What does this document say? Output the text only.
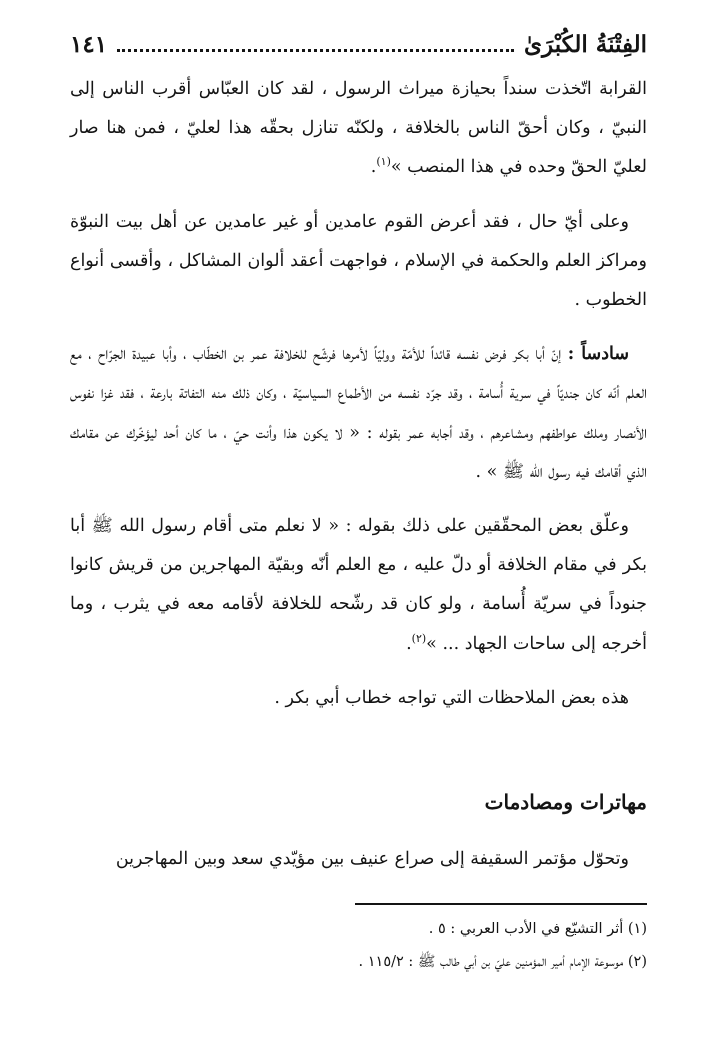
الفِتْنَةُ الكُبْرَىٰ
١٤١

القرابة اتّخذت سنداً بحيازة ميراث الرسول ، لقد كان العبّاس أقرب الناس إلى النبيّ ، وكان أحقّ الناس بالخلافة ، ولكنّه تنازل بحقّه هذا لعليّ ، فمن هنا صار لعليّ الحقّ وحده في هذا المنصب »$^{(١)}$.

وعلى أيّ حال ، فقد أعرض القوم عامدين أو غير عامدين عن أهل بيت النبوّة ومراكز العلم والحكمة في الإسلام ، فواجهت أعقد ألوان المشاكل ، وأقسى أنواع الخطوب .

سادساً : إنّ أبا بكر فرض نفسه قائداً للأمّة ووليّاً لأمرها فرشّح للخلافة عمر بن الخطّاب ، وأبا عبيدة الجرّاح ، مع العلم أنّه كان جنديّاً في سرية أُسامة ، وقد جرّد نفسه من الأطماع السياسيّة ، وكان ذلك منه التفاتة بارعة ، فقد غزا نفوس الأنصار وملك عواطفهم ومشاعرهم ، وقد أجابه عمر بقوله : « لا يكون هذا وأنت حيّ ، ما كان أحد ليؤخّرك عن مقامك الذي أقامك فيه رسول الله ﷺ » .

وعلّق بعض المحقّقين على ذلك بقوله : « لا نعلم متى أقام رسول الله ﷺ أبا بكر في مقام الخلافة أو دلّ عليه ، مع العلم أنّه وبقيّة المهاجرين من قريش كانوا جنوداً في سريّة أُسامة ، ولو كان قد رشّحه للخلافة لأقامه معه في يثرب ، وما أخرجه إلى ساحات الجهاد ... »$^{(٢)}$.

هذه بعض الملاحظات التي تواجه خطاب أبي بكر .

مهاترات ومصادمات
وتحوّل مؤتمر السقيفة إلى صراع عنيف بين مؤيّدي سعد وبين المهاجرين
(١) أثر التشيّع في الأدب العربي : ٥ .
(٢) موسوعة الإمام أمير المؤمنين عليّ بن أبي طالب ﷺ : ١١٥/٢ .
